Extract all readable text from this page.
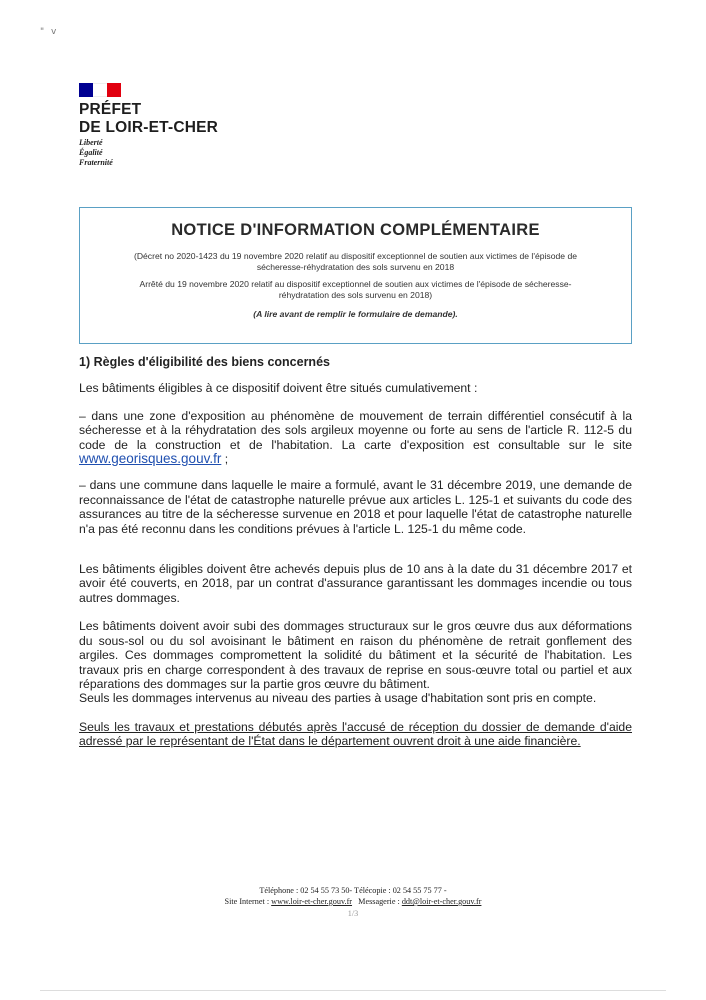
" v
PRÉFET
DE LOIR-ET-CHER
Liberté
Égalité
Fraternité
NOTICE D'INFORMATION COMPLÉMENTAIRE
(Décret no 2020-1423 du 19 novembre 2020 relatif au dispositif exceptionnel de soutien aux victimes de l'épisode de sécheresse-réhydratation des sols survenu en 2018
Arrêté du 19 novembre 2020 relatif au dispositif exceptionnel de soutien aux victimes de l'épisode de sécheresse-réhydratation des sols survenu en 2018)
(A lire avant de remplir le formulaire de demande).
1) Règles d'éligibilité des biens concernés

Les bâtiments éligibles à ce dispositif doivent être situés cumulativement :

– dans une zone d'exposition au phénomène de mouvement de terrain différentiel consécutif à la sécheresse et à la réhydratation des sols argileux moyenne ou forte au sens de l'article R. 112-5 du code de la construction et de l'habitation. La carte d'exposition est consultable sur le site www.georisques.gouv.fr ;

– dans une commune dans laquelle le maire a formulé, avant le 31 décembre 2019, une demande de reconnaissance de l'état de catastrophe naturelle prévue aux articles L. 125-1 et suivants du code des assurances au titre de la sécheresse survenue en 2018 et pour laquelle l'état de catastrophe naturelle n'a pas été reconnu dans les conditions prévues à l'article L. 125-1 du même code.

Les bâtiments éligibles doivent être achevés depuis plus de 10 ans à la date du 31 décembre 2017 et avoir été couverts, en 2018, par un contrat d'assurance garantissant les dommages incendie ou tous autres dommages.

Les bâtiments doivent avoir subi des dommages structuraux sur le gros œuvre dus aux déformations du sous-sol ou du sol avoisinant le bâtiment en raison du phénomène de retrait gonflement des argiles. Ces dommages compromettent la solidité du bâtiment et la sécurité de l'habitation. Les travaux pris en charge correspondent à des travaux de reprise en sous-œuvre total ou partiel et aux réparations des dommages sur la partie gros œuvre du bâtiment.

Seuls les dommages intervenus au niveau des parties à usage d'habitation sont pris en compte.

Seuls les travaux et prestations débutés après l'accusé de réception du dossier de demande d'aide adressé par le représentant de l'État dans le département ouvrent droit à une aide financière.

Téléphone : 02 54 55 73 50- Télécopie : 02 54 55 75 77 -
Site Internet : www.loir-et-cher.gouv.fr Messagerie : ddt@loir-et-cher.gouv.fr
1/3
